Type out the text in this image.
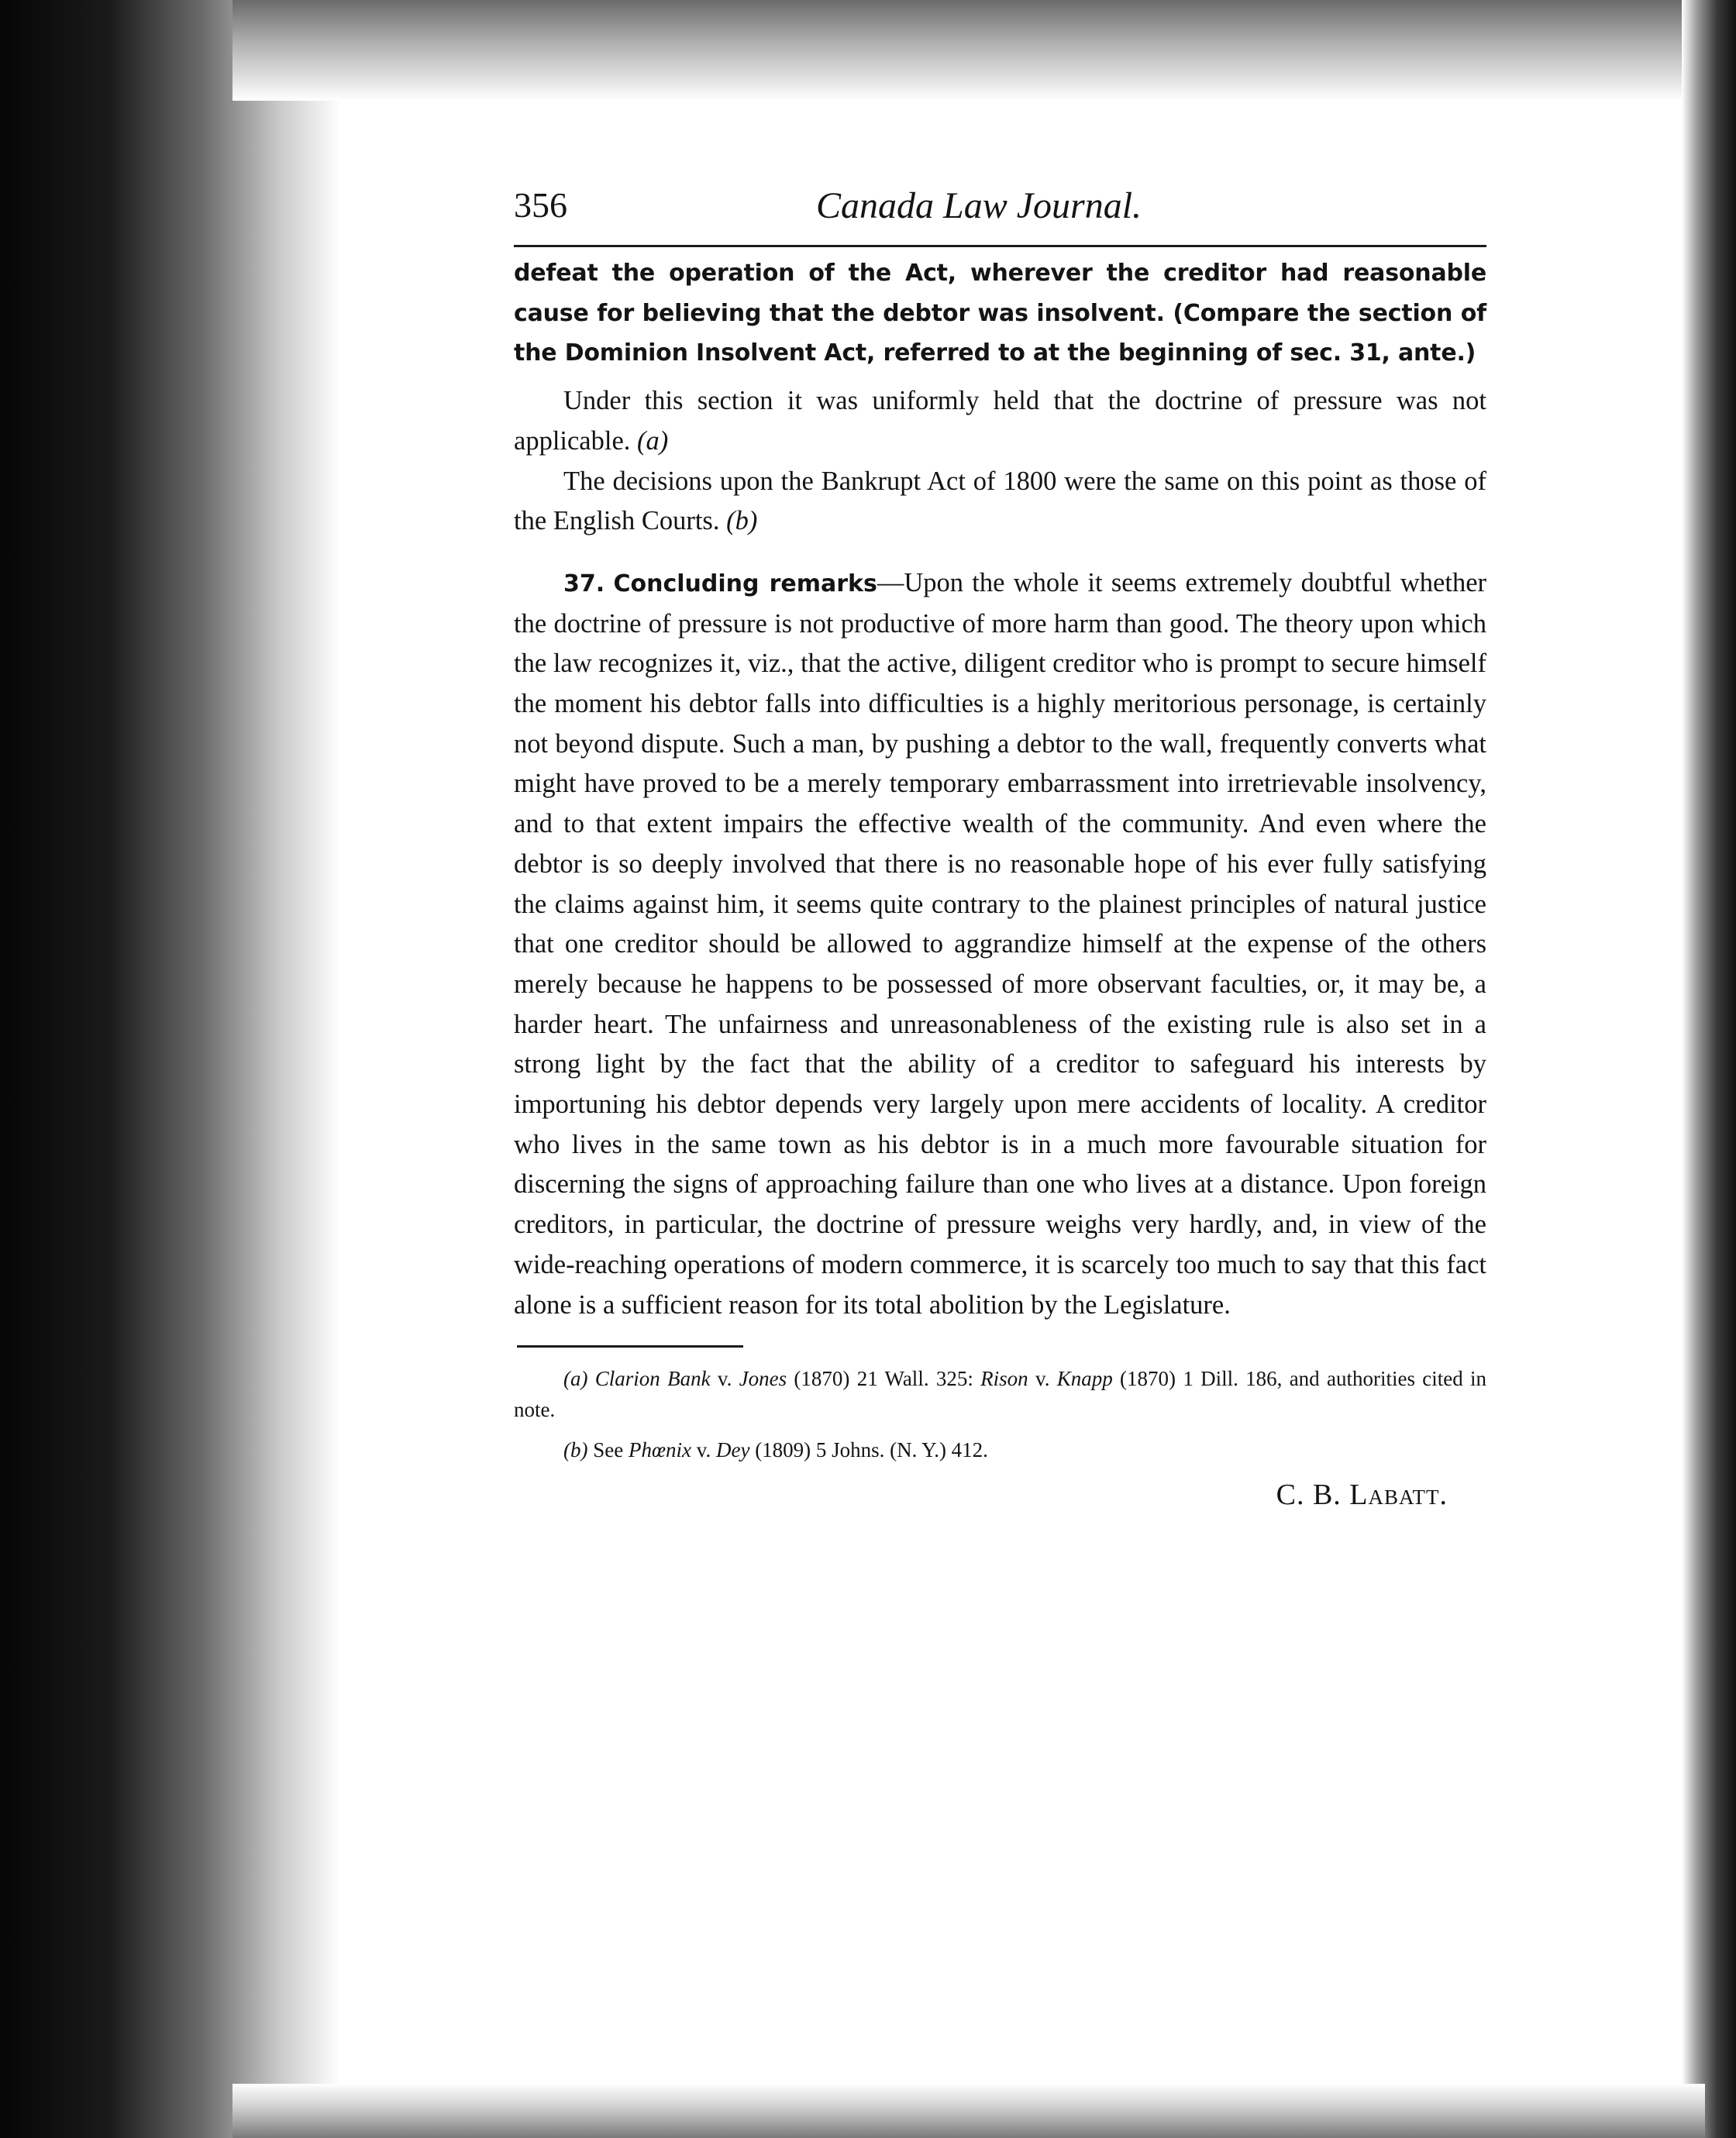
356	Canada Law Journal.

defeat the operation of the Act, wherever the creditor had reasonable cause for believing that the debtor was insolvent. (Compare the section of the Dominion Insolvent Act, referred to at the beginning of sec. 31, ante.)

Under this section it was uniformly held that the doctrine of pressure was not applicable. (a)

The decisions upon the Bankrupt Act of 1800 were the same on this point as those of the English Courts. (b)

37. Concluding remarks—Upon the whole it seems extremely doubtful whether the doctrine of pressure is not productive of more harm than good. The theory upon which the law recognizes it, viz., that the active, diligent creditor who is prompt to secure himself the moment his debtor falls into difficulties is a highly meritorious personage, is certainly not beyond dispute. Such a man, by pushing a debtor to the wall, frequently converts what might have proved to be a merely temporary embarrassment into irretrievable insolvency, and to that extent impairs the effective wealth of the community. And even where the debtor is so deeply involved that there is no reasonable hope of his ever fully satisfying the claims against him, it seems quite contrary to the plainest principles of natural justice that one creditor should be allowed to aggrandize himself at the expense of the others merely because he happens to be possessed of more observant faculties, or, it may be, a harder heart. The unfairness and unreasonableness of the existing rule is also set in a strong light by the fact that the ability of a creditor to safeguard his interests by importuning his debtor depends very largely upon mere accidents of locality. A creditor who lives in the same town as his debtor is in a much more favourable situation for discerning the signs of approaching failure than one who lives at a distance. Upon foreign creditors, in particular, the doctrine of pressure weighs very hardly, and, in view of the wide-reaching operations of modern commerce, it is scarcely too much to say that this fact alone is a sufficient reason for its total abolition by the Legislature.

(a) Clarion Bank v. Jones (1870) 21 Wall. 325: Rison v. Knapp (1870) 1 Dill. 186, and authorities cited in note.

(b) See Phœnix v. Dey (1809) 5 Johns. (N. Y.) 412.

C. B. Labatt.
